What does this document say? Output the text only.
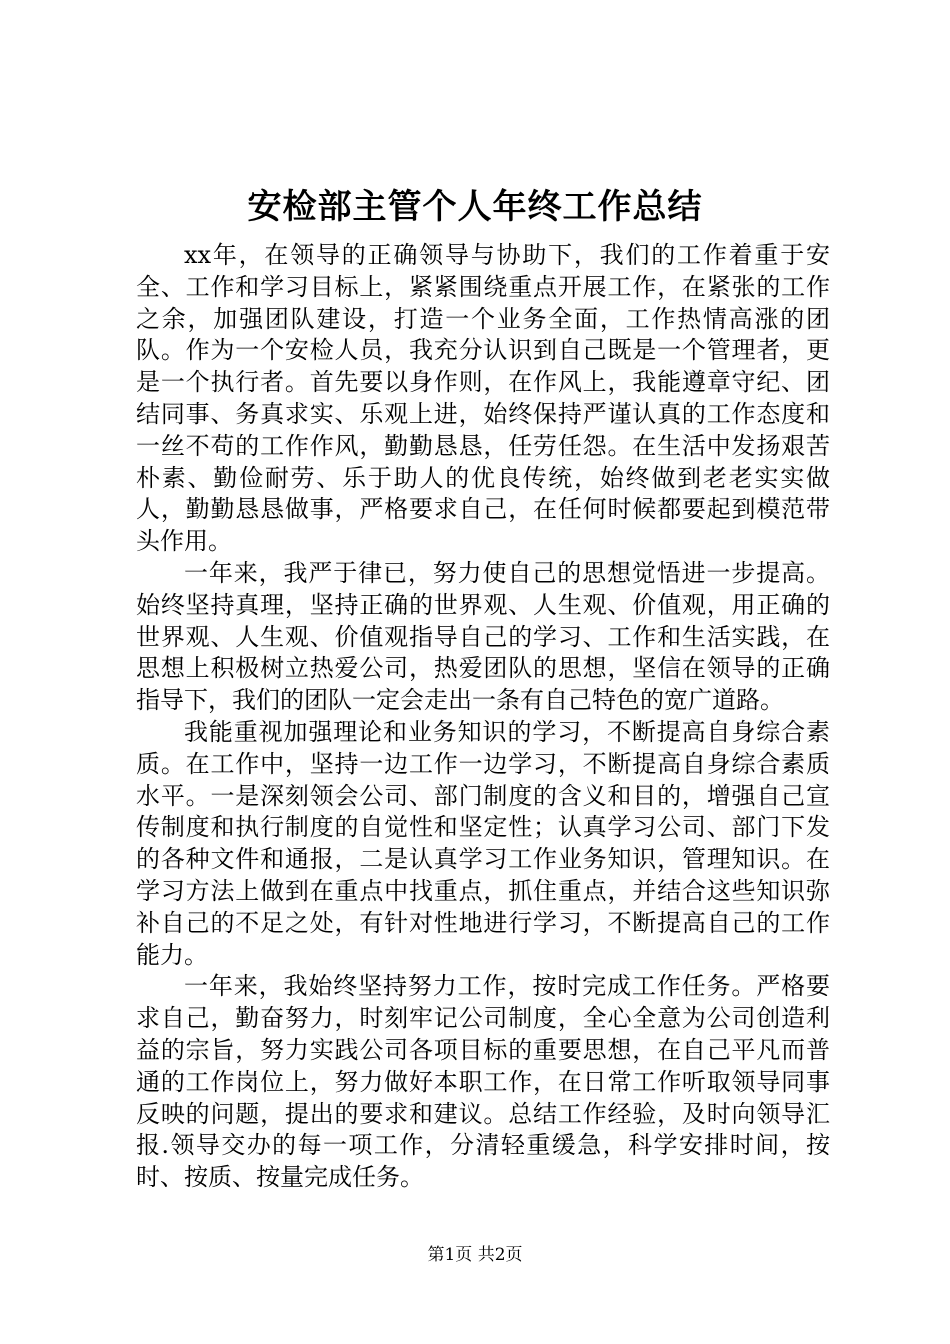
安检部主管个人年终工作总结

xx年，在领导的正确领导与协助下，我们的工作着重于安全、工作和学习目标上，紧紧围绕重点开展工作，在紧张的工作之余，加强团队建设，打造一个业务全面，工作热情高涨的团队。作为一个安检人员，我充分认识到自己既是一个管理者，更是一个执行者。首先要以身作则，在作风上，我能遵章守纪、团结同事、务真求实、乐观上进，始终保持严谨认真的工作态度和一丝不苟的工作作风，勤勤恳恳，任劳任怨。在生活中发扬艰苦朴素、勤俭耐劳、乐于助人的优良传统，始终做到老老实实做人，勤勤恳恳做事，严格要求自己，在任何时候都要起到模范带头作用。

一年来，我严于律已，努力使自己的思想觉悟进一步提高。始终坚持真理，坚持正确的世界观、人生观、价值观，用正确的世界观、人生观、价值观指导自己的学习、工作和生活实践，在思想上积极树立热爱公司，热爱团队的思想，坚信在领导的正确指导下，我们的团队一定会走出一条有自己特色的宽广道路。

我能重视加强理论和业务知识的学习，不断提高自身综合素质。在工作中，坚持一边工作一边学习，不断提高自身综合素质水平。一是深刻领会公司、部门制度的含义和目的，增强自己宣传制度和执行制度的自觉性和坚定性；认真学习公司、部门下发的各种文件和通报，二是认真学习工作业务知识，管理知识。在学习方法上做到在重点中找重点，抓住重点，并结合这些知识弥补自己的不足之处，有针对性地进行学习，不断提高自己的工作能力。

一年来，我始终坚持努力工作，按时完成工作任务。严格要求自己，勤奋努力，时刻牢记公司制度，全心全意为公司创造利益的宗旨，努力实践公司各项目标的重要思想，在自己平凡而普通的工作岗位上，努力做好本职工作，在日常工作听取领导同事反映的问题，提出的要求和建议。总结工作经验，及时向领导汇报.领导交办的每一项工作，分清轻重缓急，科学安排时间，按时、按质、按量完成任务。

第1页 共2页
